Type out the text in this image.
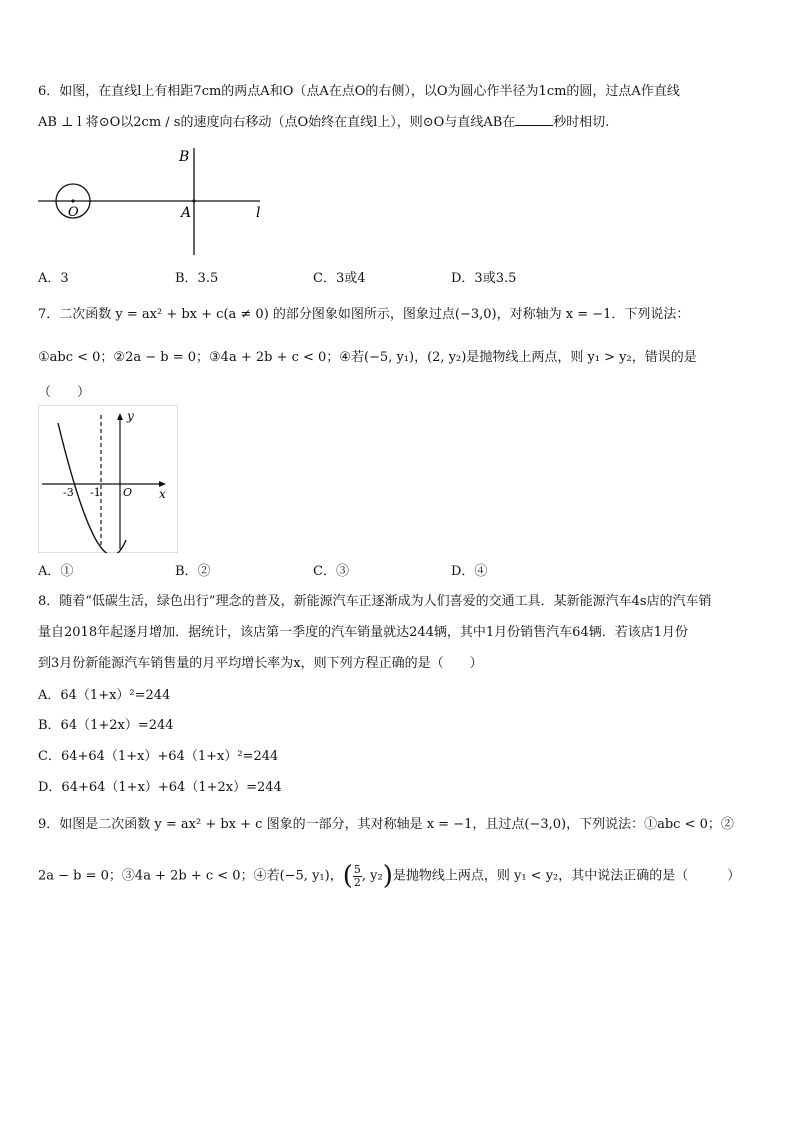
6．如图，在直线l上有相距7cm的两点A和O（点A在点O的右侧），以O为圆心作半径为1cm的圆，过点A作直线
AB ⊥ l 将⊙O以2cm / s的速度向右移动（点O始终在直线l上），则⊙O与直线AB在	秒时相切.
B
A
O	l
A．3	B．3.5	C．3或4	D．3或3.5
7．二次函数 y = ax² + bx + c(a ≠ 0) 的部分图象如图所示，图象过点(−3,0)，对称轴为 x = −1．下列说法：
①abc < 0；②2a − b = 0；③4a + 2b + c < 0；④若(−5, y₁)，(2, y₂)是抛物线上两点，则 y₁ > y₂，错误的是
（　　）
y
x
-3 -1 O
A．①	B．②	C．③	D．④
8．随着“低碳生活，绿色出行”理念的普及，新能源汽车正逐渐成为人们喜爱的交通工具．某新能源汽车4s店的汽车销
量自2018年起逐月增加．据统计，该店第一季度的汽车销量就达244辆，其中1月份销售汽车64辆．若该店1月份
到3月份新能源汽车销售量的月平均增长率为x，则下列方程正确的是（　　）
A．64（1+x）²=244
B．64（1+2x）=244
C．64+64（1+x）+64（1+x）²=244
D．64+64（1+x）+64（1+2x）=244
9．如图是二次函数 y = ax² + bx + c 图象的一部分，其对称轴是 x = −1，且过点(−3,0)，下列说法：①abc < 0；②
2a − b = 0；③4a + 2b + c < 0；④若(−5, y₁)，( $\frac{5}{2}$ , y₂)是抛物线上两点，则 y₁ < y₂，其中说法正确的是（　　　）
